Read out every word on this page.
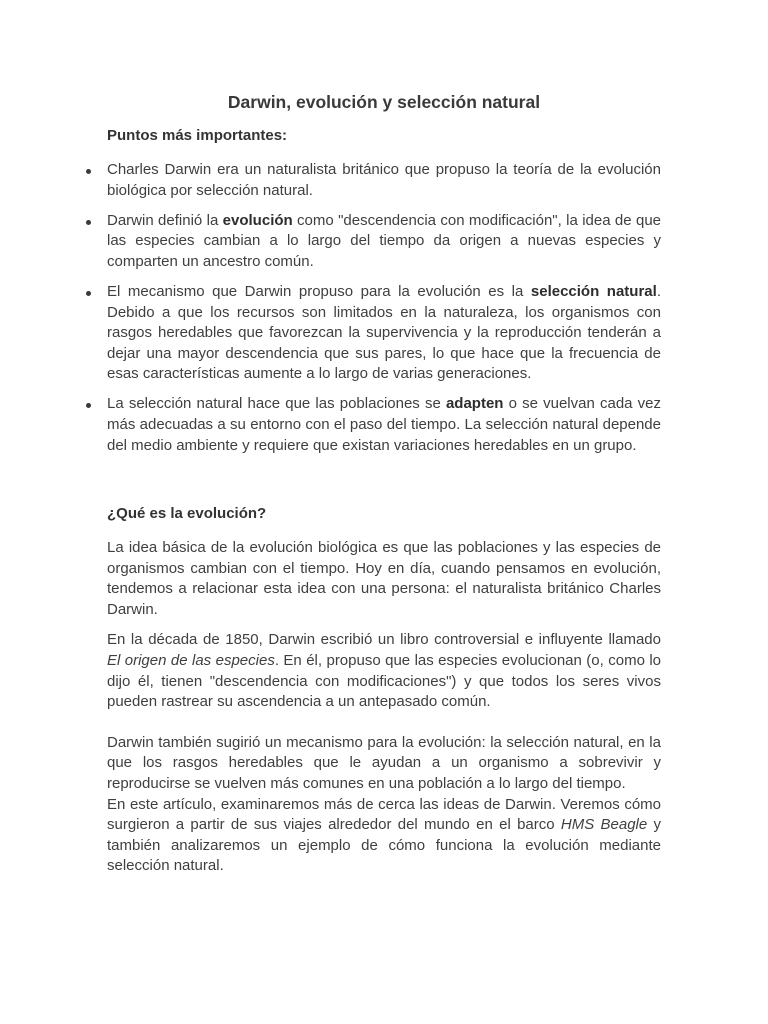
Darwin, evolución y selección natural
Puntos más importantes:
Charles Darwin era un naturalista británico que propuso la teoría de la evolución biológica por selección natural.
Darwin definió la evolución como "descendencia con modificación", la idea de que las especies cambian a lo largo del tiempo da origen a nuevas especies y comparten un ancestro común.
El mecanismo que Darwin propuso para la evolución es la selección natural. Debido a que los recursos son limitados en la naturaleza, los organismos con rasgos heredables que favorezcan la supervivencia y la reproducción tenderán a dejar una mayor descendencia que sus pares, lo que hace que la frecuencia de esas características aumente a lo largo de varias generaciones.
La selección natural hace que las poblaciones se adapten o se vuelvan cada vez más adecuadas a su entorno con el paso del tiempo. La selección natural depende del medio ambiente y requiere que existan variaciones heredables en un grupo.
¿Qué es la evolución?

La idea básica de la evolución biológica es que las poblaciones y las especies de organismos cambian con el tiempo. Hoy en día, cuando pensamos en evolución, tendemos a relacionar esta idea con una persona: el naturalista británico Charles Darwin.

En la década de 1850, Darwin escribió un libro controversial e influyente llamado El origen de las especies. En él, propuso que las especies evolucionan (o, como lo dijo él, tienen "descendencia con modificaciones") y que todos los seres vivos pueden rastrear su ascendencia a un antepasado común.

Darwin también sugirió un mecanismo para la evolución: la selección natural, en la que los rasgos heredables que le ayudan a un organismo a sobrevivir y reproducirse se vuelven más comunes en una población a lo largo del tiempo.

En este artículo, examinaremos más de cerca las ideas de Darwin. Veremos cómo surgieron a partir de sus viajes alrededor del mundo en el barco HMS Beagle y también analizaremos un ejemplo de cómo funciona la evolución mediante selección natural.
